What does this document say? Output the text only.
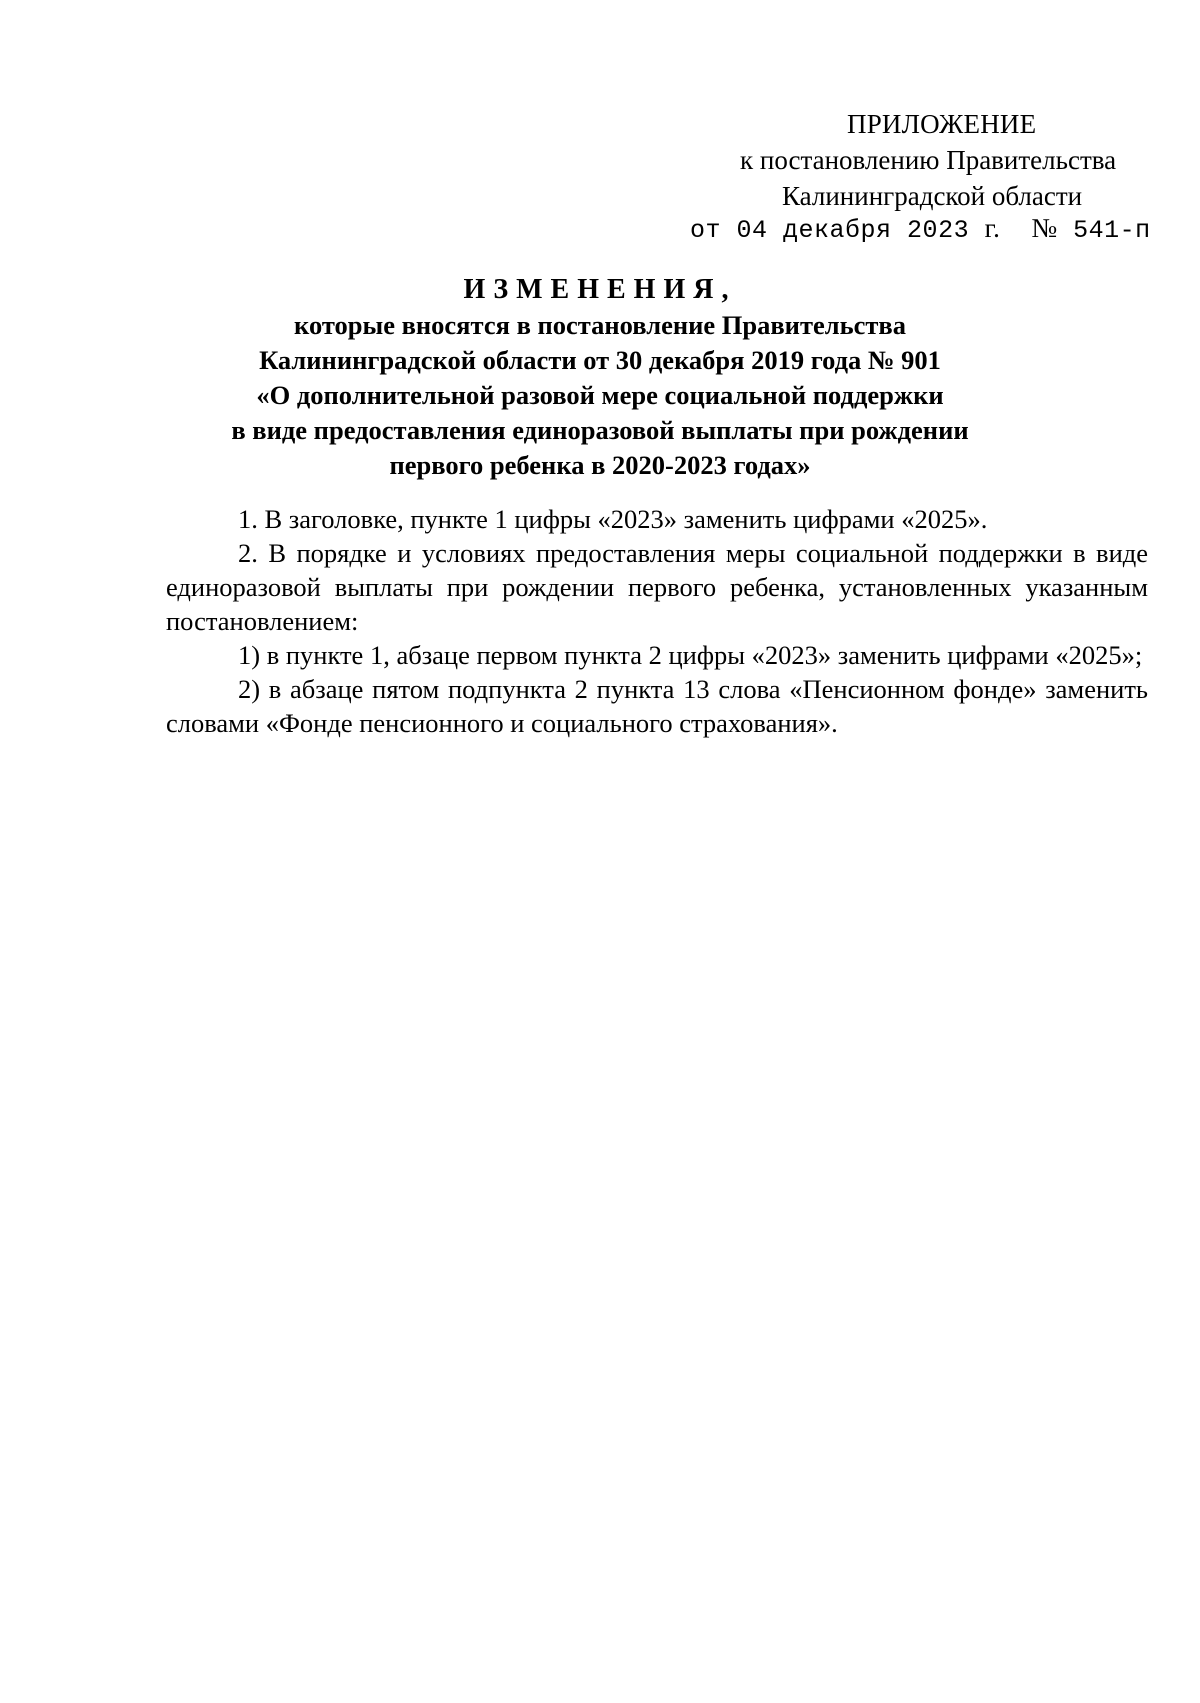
ПРИЛОЖЕНИЕ
к постановлению Правительства
Калининградской области
от 04 декабря 2023 г. № 541-п
ИЗМЕНЕНИЯ,
которые вносятся в постановление Правительства
Калининградской области от 30 декабря 2019 года № 901
«О дополнительной разовой мере социальной поддержки
в виде предоставления единоразовой выплаты при рождении
первого ребенка в 2020-2023 годах»

1. В заголовке, пункте 1 цифры «2023» заменить цифрами «2025».

2. В порядке и условиях предоставления меры социальной поддержки в виде единоразовой выплаты при рождении первого ребенка, установленных указанным постановлением:

1) в пункте 1, абзаце первом пункта 2 цифры «2023» заменить цифрами «2025»;

2) в абзаце пятом подпункта 2 пункта 13 слова «Пенсионном фонде» заменить словами «Фонде пенсионного и социального страхования».
